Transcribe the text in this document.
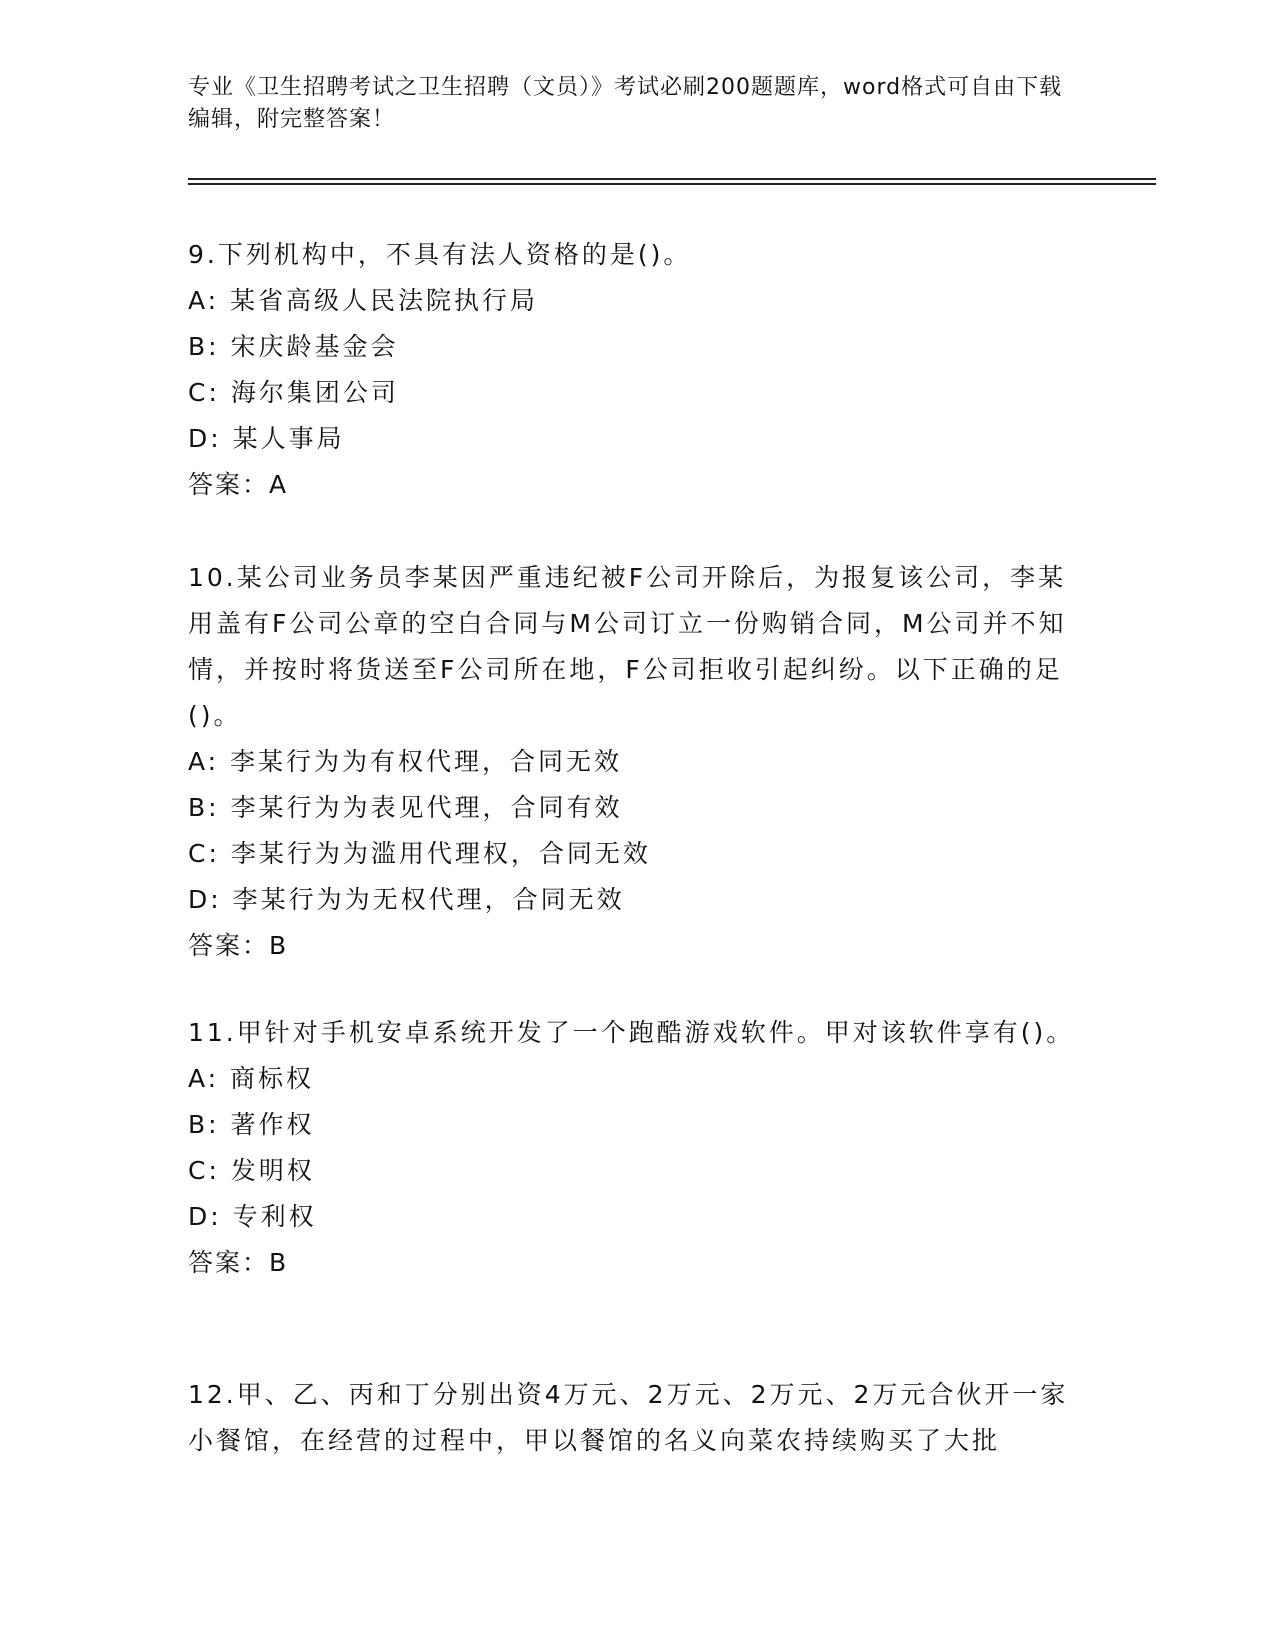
专业《卫生招聘考试之卫生招聘（文员）》考试必刷200题题库，word格式可自由下载编辑，附完整答案！
9.下列机构中，不具有法人资格的是()。
A: 某省高级人民法院执行局
B: 宋庆龄基金会
C: 海尔集团公司
D: 某人事局
答案：A
10.某公司业务员李某因严重违纪被F公司开除后，为报复该公司，李某用盖有F公司公章的空白合同与M公司订立一份购销合同，M公司并不知情，并按时将货送至F公司所在地，F公司拒收引起纠纷。以下正确的足()。
A: 李某行为为有权代理，合同无效
B: 李某行为为表见代理，合同有效
C: 李某行为为滥用代理权，合同无效
D: 李某行为为无权代理，合同无效
答案：B
11.甲针对手机安卓系统开发了一个跑酷游戏软件。甲对该软件享有()。
A: 商标权
B: 著作权
C: 发明权
D: 专利权
答案：B
12.甲、乙、丙和丁分别出资4万元、2万元、2万元、2万元合伙开一家小餐馆，在经营的过程中，甲以餐馆的名义向菜农持续购买了大批
